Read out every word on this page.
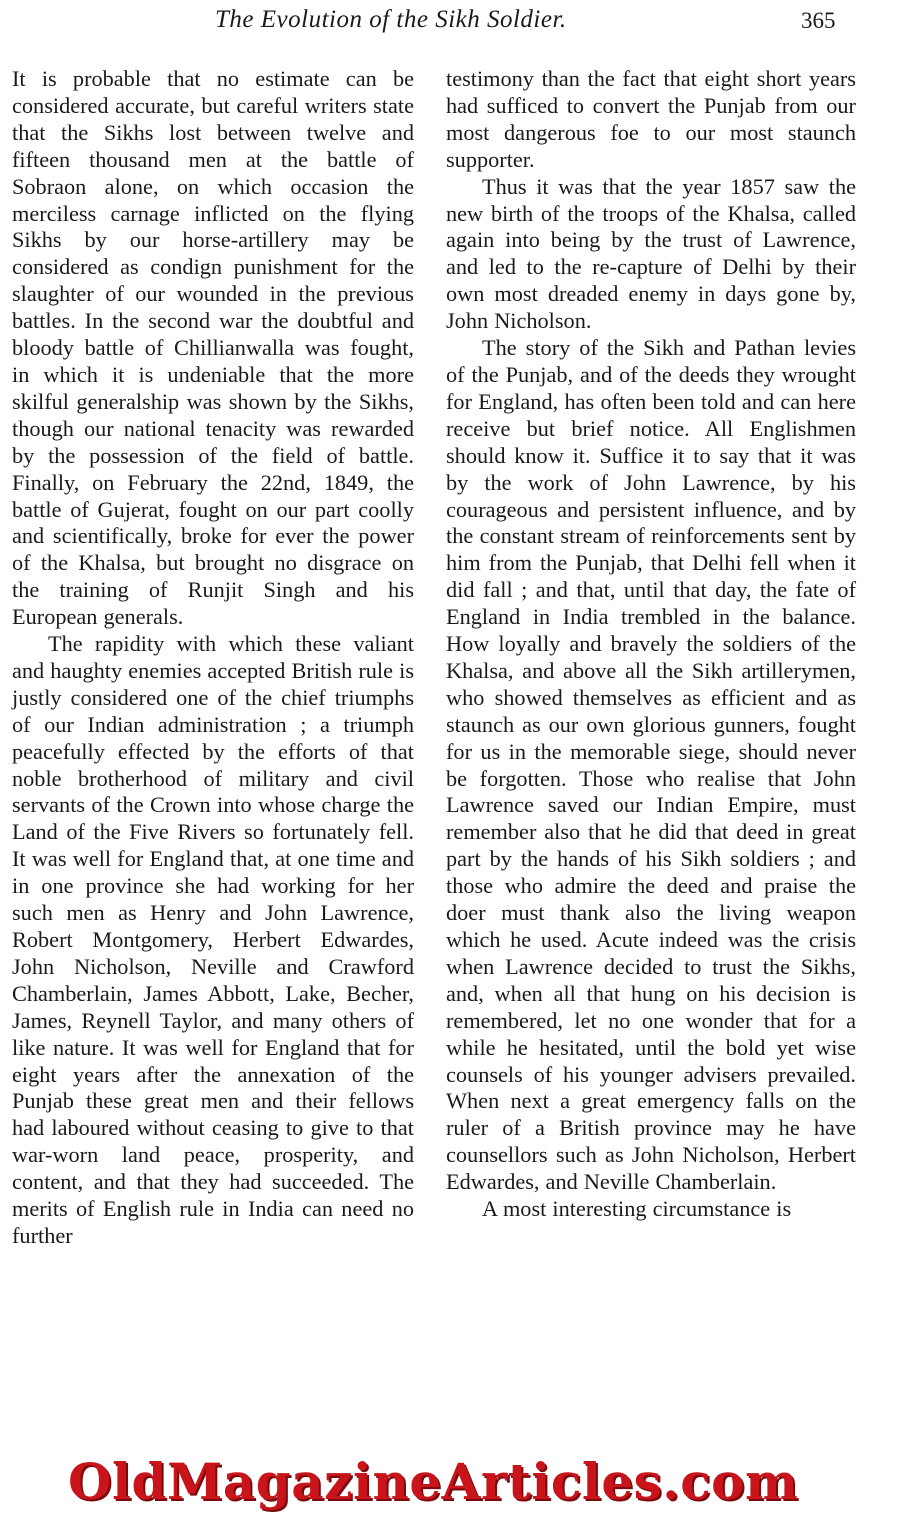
The Evolution of the Sikh Soldier.	365

It is probable that no estimate can be considered accurate, but careful writers state that the Sikhs lost between twelve and fifteen thousand men at the battle of Sobraon alone, on which occasion the merciless carnage inflicted on the flying Sikhs by our horse-artillery may be considered as condign punishment for the slaughter of our wounded in the previous battles. In the second war the doubtful and bloody battle of Chillianwalla was fought, in which it is undeniable that the more skilful generalship was shown by the Sikhs, though our national tenacity was rewarded by the possession of the field of battle. Finally, on February the 22nd, 1849, the battle of Gujerat, fought on our part coolly and scientifically, broke for ever the power of the Khalsa, but brought no disgrace on the training of Runjit Singh and his European generals.

The rapidity with which these valiant and haughty enemies accepted British rule is justly considered one of the chief triumphs of our Indian administration ; a triumph peacefully effected by the efforts of that noble brotherhood of military and civil servants of the Crown into whose charge the Land of the Five Rivers so fortunately fell. It was well for England that, at one time and in one province she had working for her such men as Henry and John Lawrence, Robert Montgomery, Herbert Edwardes, John Nicholson, Neville and Crawford Chamberlain, James Abbott, Lake, Becher, James, Reynell Taylor, and many others of like nature. It was well for England that for eight years after the annexation of the Punjab these great men and their fellows had laboured without ceasing to give to that war-worn land peace, prosperity, and content, and that they had succeeded. The merits of English rule in India can need no further

testimony than the fact that eight short years had sufficed to convert the Punjab from our most dangerous foe to our most staunch supporter.

Thus it was that the year 1857 saw the new birth of the troops of the Khalsa, called again into being by the trust of Lawrence, and led to the re-capture of Delhi by their own most dreaded enemy in days gone by, John Nicholson.

The story of the Sikh and Pathan levies of the Punjab, and of the deeds they wrought for England, has often been told and can here receive but brief notice. All Englishmen should know it. Suffice it to say that it was by the work of John Lawrence, by his courageous and persistent influence, and by the constant stream of reinforcements sent by him from the Punjab, that Delhi fell when it did fall ; and that, until that day, the fate of England in India trembled in the balance. How loyally and bravely the soldiers of the Khalsa, and above all the Sikh artillerymen, who showed themselves as efficient and as staunch as our own glorious gunners, fought for us in the memorable siege, should never be forgotten. Those who realise that John Lawrence saved our Indian Empire, must remember also that he did that deed in great part by the hands of his Sikh soldiers ; and those who admire the deed and praise the doer must thank also the living weapon which he used. Acute indeed was the crisis when Lawrence decided to trust the Sikhs, and, when all that hung on his decision is remembered, let no one wonder that for a while he hesitated, until the bold yet wise counsels of his younger advisers prevailed. When next a great emergency falls on the ruler of a British province may he have counsellors such as John Nicholson, Herbert Edwardes, and Neville Chamberlain.

A most interesting circumstance is

OldMagazineArticles.com
